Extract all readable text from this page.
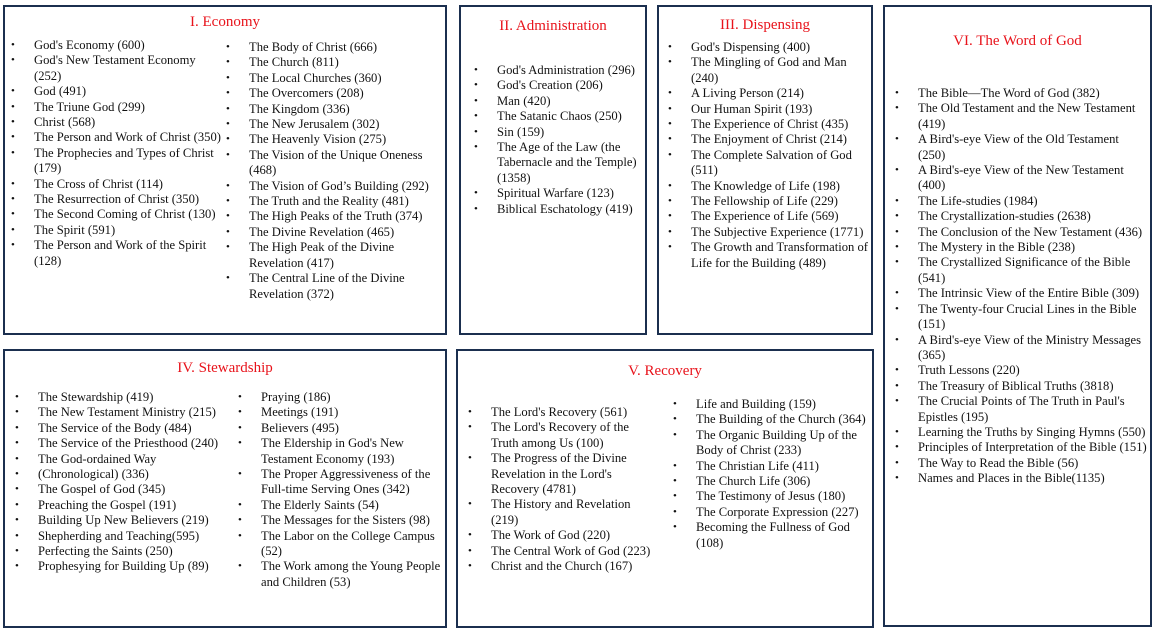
I. Economy
• God's Economy (600)
• God's New Testament Economy (252)
• God (491)
• The Triune God (299)
• Christ (568)
• The Person and Work of Christ (350)
• The Prophecies and Types of Christ (179)
• The Cross of Christ (114)
• The Resurrection of Christ (350)
• The Second Coming of Christ (130)
• The Spirit (591)
• The Person and Work of the Spirit (128)
• The Body of Christ (666)
• The Church (811)
• The Local Churches (360)
• The Overcomers (208)
• The Kingdom (336)
• The New Jerusalem (302)
• The Heavenly Vision (275)
• The Vision of the Unique Oneness (468)
• The Vision of God’s Building (292)
• The Truth and the Reality (481)
• The High Peaks of the Truth (374)
• The Divine Revelation (465)
• The High Peak of the Divine Revelation (417)
• The Central Line of the Divine Revelation (372)
II. Administration
• God's Administration (296)
• God's Creation (206)
• Man (420)
• The Satanic Chaos (250)
• Sin (159)
• The Age of the Law (the Tabernacle and the Temple) (1358)
• Spiritual Warfare (123)
• Biblical Eschatology (419)
III. Dispensing
• God's Dispensing (400)
• The Mingling of God and Man (240)
• A Living Person (214)
• Our Human Spirit (193)
• The Experience of Christ (435)
• The Enjoyment of Christ (214)
• The Complete Salvation of God (511)
• The Knowledge of Life (198)
• The Fellowship of Life (229)
• The Experience of Life (569)
• The Subjective Experience (1771)
• The Growth and Transformation of Life for the Building (489)
VI. The Word of God
• The Bible—The Word of God (382)
• The Old Testament and the New Testament (419)
• A Bird's-eye View of the Old Testament (250)
• A Bird's-eye View of the New Testament (400)
• The Life-studies (1984)
• The Crystallization-studies (2638)
• The Conclusion of the New Testament (436)
• The Mystery in the Bible (238)
• The Crystallized Significance of the Bible (541)
• The Intrinsic View of the Entire Bible (309)
• The Twenty-four Crucial Lines in the Bible (151)
• A Bird's-eye View of the Ministry Messages (365)
• Truth Lessons (220)
• The Treasury of Biblical Truths (3818)
• The Crucial Points of The Truth in Paul's Epistles (195)
• Learning the Truths by Singing Hymns (550)
• Principles of Interpretation of the Bible (151)
• The Way to Read the Bible (56)
• Names and Places in the Bible(1135)
IV. Stewardship
• The Stewardship (419)
• The New Testament Ministry (215)
• The Service of the Body (484)
• The Service of the Priesthood (240)
• The God-ordained Way
• (Chronological) (336)
• The Gospel of God (345)
• Preaching the Gospel (191)
• Building Up New Believers (219)
• Shepherding and Teaching(595)
• Perfecting the Saints (250)
• Prophesying for Building Up (89)
• Praying (186)
• Meetings (191)
• Believers (495)
• The Eldership in God's New Testament Economy (193)
• The Proper Aggressiveness of the Full-time Serving Ones (342)
• The Elderly Saints (54)
• The Messages for the Sisters (98)
• The Labor on the College Campus (52)
• The Work among the Young People and Children (53)
V. Recovery
• The Lord's Recovery (561)
• The Lord's Recovery of the Truth among Us (100)
• The Progress of the Divine Revelation in the Lord's Recovery (4781)
• The History and Revelation (219)
• The Work of God (220)
• The Central Work of God (223)
• Christ and the Church (167)
• Life and Building (159)
• The Building of the Church (364)
• The Organic Building Up of the Body of Christ (233)
• The Christian Life (411)
• The Church Life (306)
• The Testimony of Jesus (180)
• The Corporate Expression (227)
• Becoming the Fullness of God (108)
